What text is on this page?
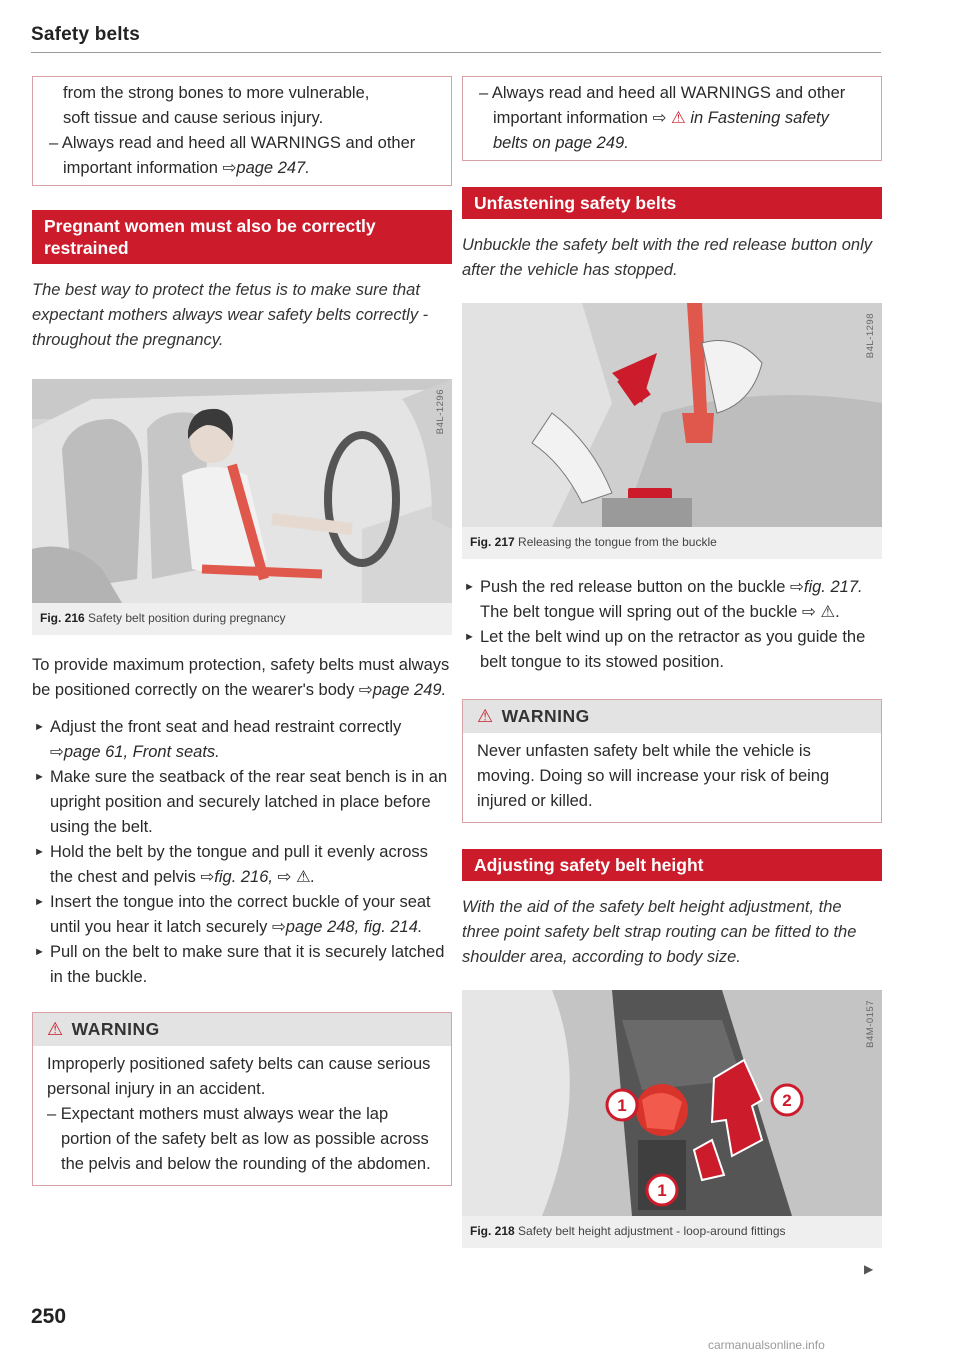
Safety belts

from the strong bones to more vulnerable,

soft tissue and cause serious injury.

– Always read and heed all WARNINGS and other important information ⇨page 247.

Pregnant women must also be correctly restrained

The best way to protect the fetus is to make sure that expectant mothers always wear safety belts correctly - throughout the pregnancy.

B4L-1296
Fig. 216 Safety belt position during pregnancy

To provide maximum protection, safety belts must always be positioned correctly on the wearer's body ⇨page 249.

► Adjust the front seat and head restraint correctly ⇨page 61, Front seats.
► Make sure the seatback of the rear seat bench is in an upright position and securely latched in place before using the belt.
► Hold the belt by the tongue and pull it evenly across the chest and pelvis ⇨fig. 216, ⇨ ⚠.
► Insert the tongue into the correct buckle of your seat until you hear it latch securely ⇨page 248, fig. 214.
► Pull on the belt to make sure that it is securely latched in the buckle.
⚠ WARNING

Improperly positioned safety belts can cause serious personal injury in an accident.

– Expectant mothers must always wear the lap portion of the safety belt as low as possible across the pelvis and below the rounding of the abdomen.

– Always read and heed all WARNINGS and other important information ⇨ ⚠ in Fastening safety belts on page 249.

Unfastening safety belts

Unbuckle the safety belt with the red release button only after the vehicle has stopped.

B4L-1298
Fig. 217 Releasing the tongue from the buckle
► Push the red release button on the buckle ⇨fig. 217. The belt tongue will spring out of the buckle ⇨ ⚠.
► Let the belt wind up on the retractor as you guide the belt tongue to its stowed position.
⚠ WARNING

Never unfasten safety belt while the vehicle is moving. Doing so will increase your risk of being injured or killed.

Adjusting safety belt height

With the aid of the safety belt height adjustment, the three point safety belt strap routing can be fitted to the shoulder area, according to body size.

1	2
1
B4M-0157
Fig. 218 Safety belt height adjustment - loop-around fittings
▶
250
carmanualsonline.info
